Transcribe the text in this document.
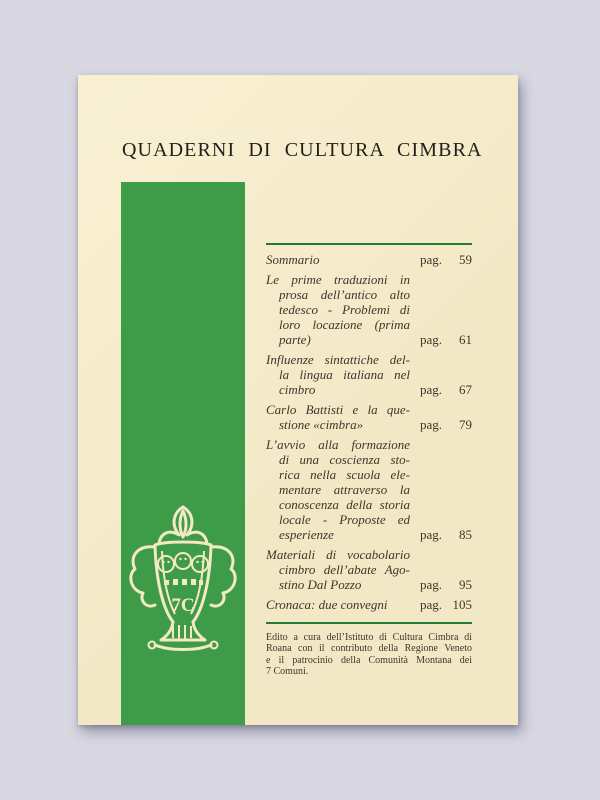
QUADERNI DI CULTURA CIMBRA
7C
Sommario	pag. 59
Le prime traduzioni in
prosa dell’antico alto
tedesco - Problemi di
loro locazione (prima
parte)	pag. 61
Influenze sintattiche del-
la lingua italiana nel
cimbro	pag. 67
Carlo Battisti e la que-
stione «cimbra»	pag. 79
L’avvio alla formazione
di una coscienza sto-
rica nella scuola ele-
mentare attraverso la
conoscenza della storia
locale - Proposte ed
esperienze	pag. 85
Materiali di vocabolario
cimbro dell’abate Ago-
stino Dal Pozzo	pag. 95
Cronaca: due convegni	pag. 105
Edito a cura dell’Istituto di Cultura Cimbra di
Roana con il contributo della Regione Veneto
e il patrocinio della Comunità Montana dei
7 Comuni.
